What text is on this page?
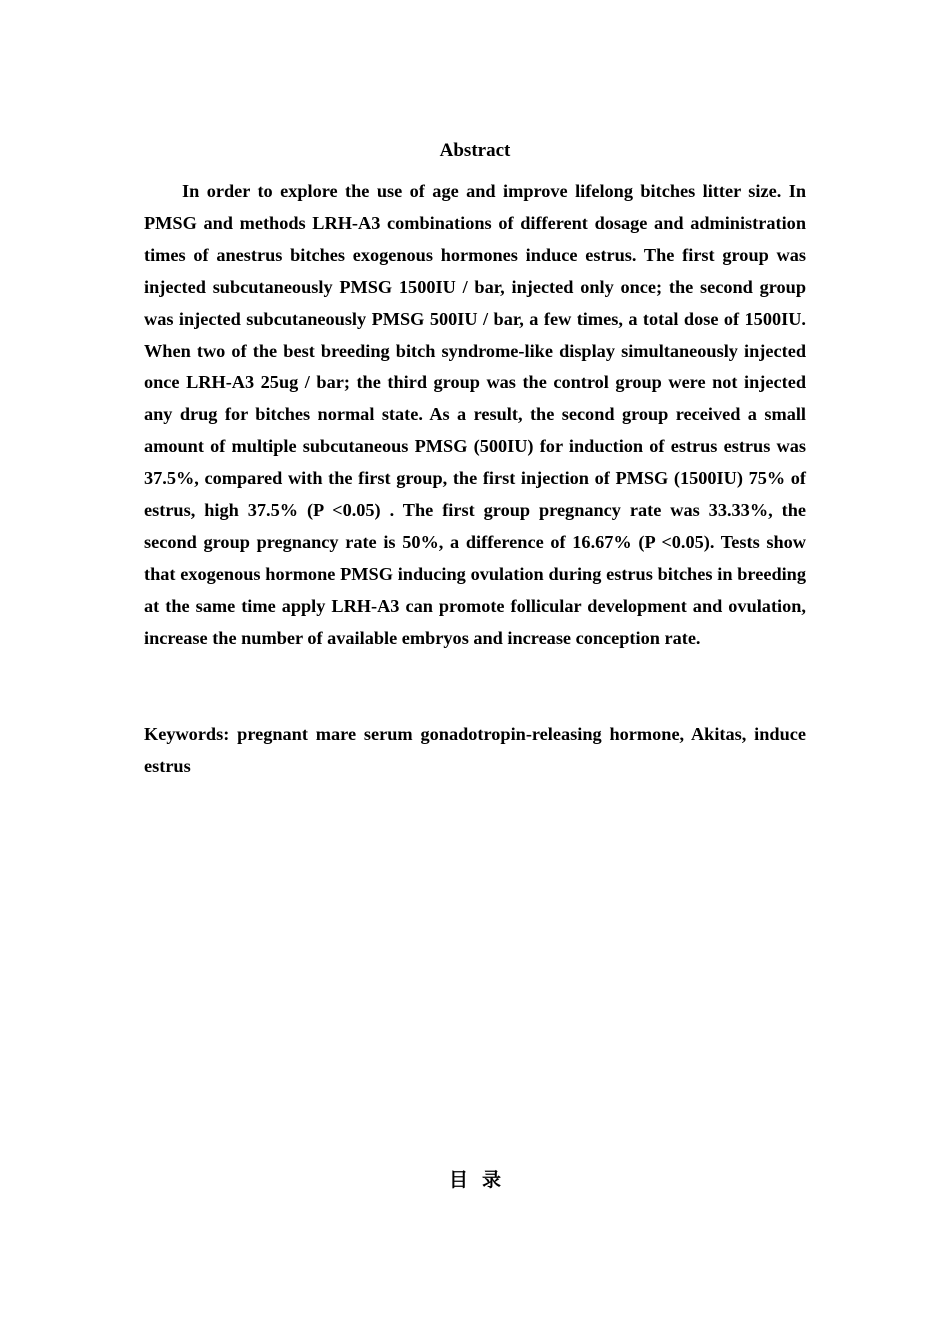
Abstract

In order to explore the use of age and improve lifelong bitches litter size. In PMSG and methods LRH-A3 combinations of different dosage and administration times of anestrus bitches exogenous hormones induce estrus. The first group was injected subcutaneously PMSG 1500IU / bar, injected only once; the second group was injected subcutaneously PMSG 500IU / bar, a few times, a total dose of 1500IU. When two of the best breeding bitch syndrome-like display simultaneously injected once LRH-A3 25ug / bar; the third group was the control group were not injected any drug for bitches normal state. As a result, the second group received a small amount of multiple subcutaneous PMSG (500IU) for induction of estrus estrus was 37.5%, compared with the first group, the first injection of PMSG (1500IU) 75% of estrus, high 37.5% (P <0.05) . The first group pregnancy rate was 33.33%, the second group pregnancy rate is 50%, a difference of 16.67% (P <0.05). Tests show that exogenous hormone PMSG inducing ovulation during estrus bitches in breeding at the same time apply LRH-A3 can promote follicular development and ovulation, increase the number of available embryos and increase conception rate.

Keywords: pregnant mare serum gonadotropin-releasing hormone, Akitas, induce estrus

目录
